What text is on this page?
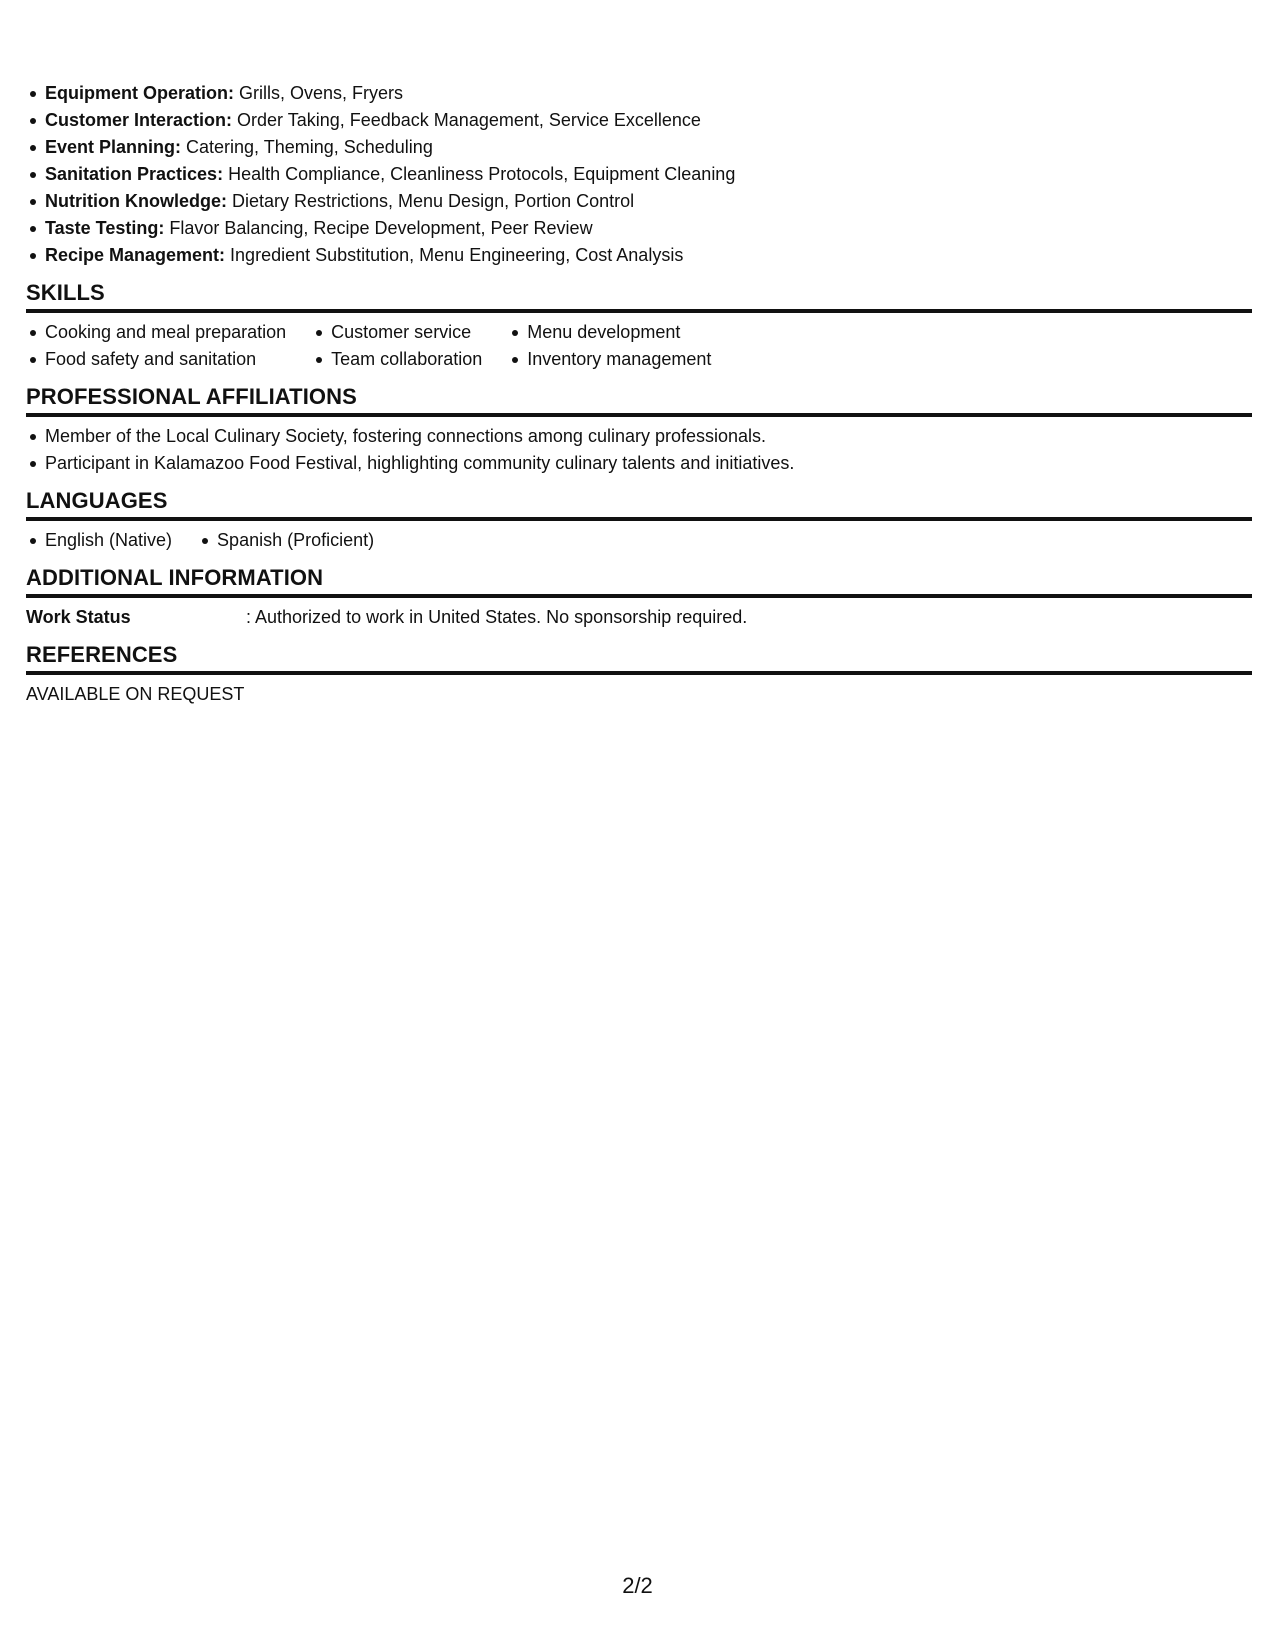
Equipment Operation: Grills, Ovens, Fryers
Customer Interaction: Order Taking, Feedback Management, Service Excellence
Event Planning: Catering, Theming, Scheduling
Sanitation Practices: Health Compliance, Cleanliness Protocols, Equipment Cleaning
Nutrition Knowledge: Dietary Restrictions, Menu Design, Portion Control
Taste Testing: Flavor Balancing, Recipe Development, Peer Review
Recipe Management: Ingredient Substitution, Menu Engineering, Cost Analysis
SKILLS
Cooking and meal preparation
Food safety and sanitation
Customer service
Team collaboration
Menu development
Inventory management
PROFESSIONAL AFFILIATIONS
Member of the Local Culinary Society, fostering connections among culinary professionals.
Participant in Kalamazoo Food Festival, highlighting community culinary talents and initiatives.
LANGUAGES
English (Native)	Spanish (Proficient)
ADDITIONAL INFORMATION
Work Status	: Authorized to work in United States. No sponsorship required.
REFERENCES
AVAILABLE ON REQUEST
2/2
